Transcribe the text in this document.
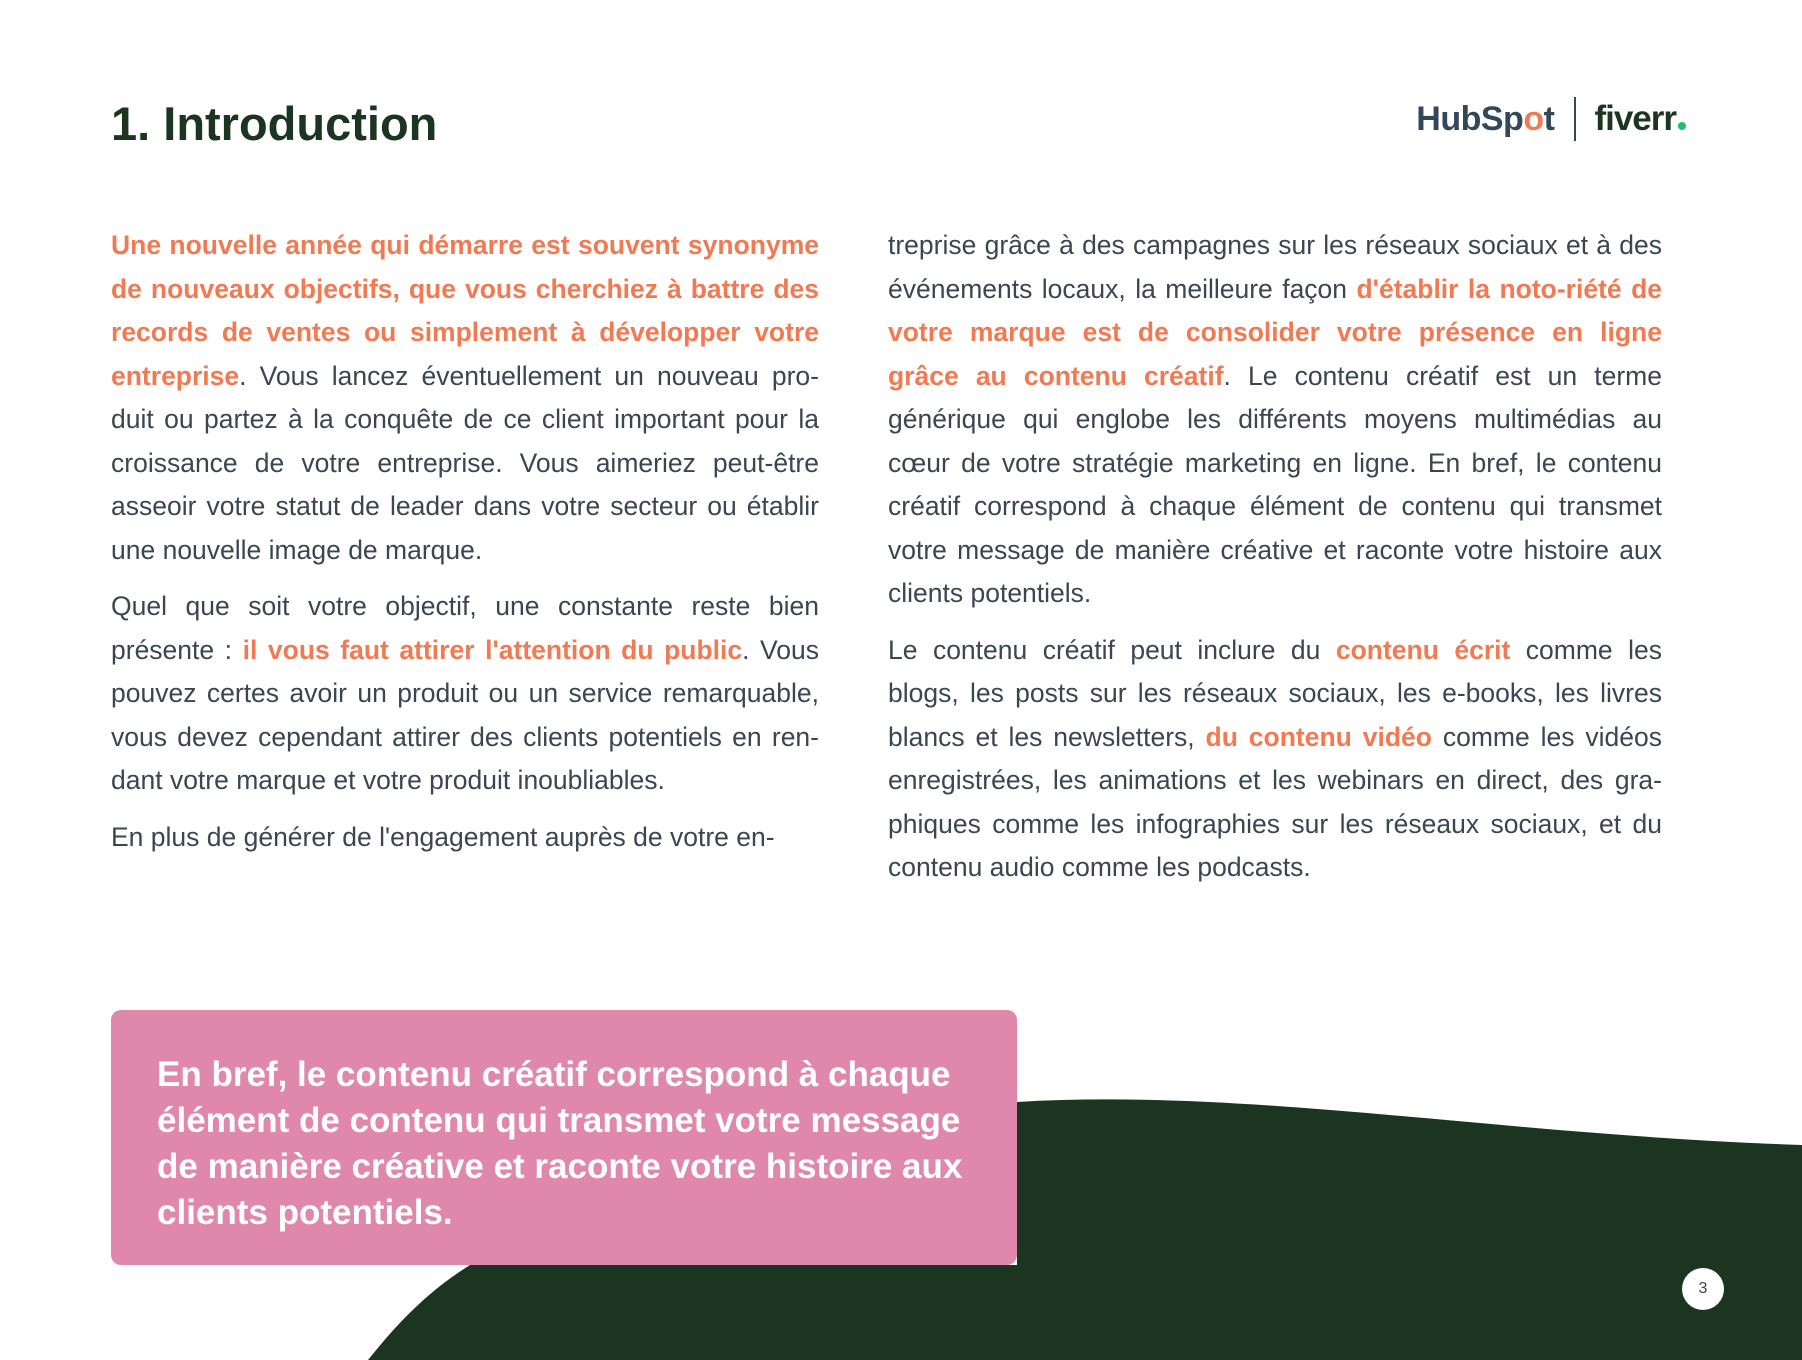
1. Introduction	HubSpot fiverr

Une nouvelle année qui démarre est souvent synonyme de nouveaux objectifs, que vous cherchiez à battre des records de ventes ou simplement à développer votre entreprise. Vous lancez éventuellement un nouveau pro-duit ou partez à la conquête de ce client important pour la croissance de votre entreprise. Vous aimeriez peut-être asseoir votre statut de leader dans votre secteur ou établir une nouvelle image de marque.

Quel que soit votre objectif, une constante reste bien présente : il vous faut attirer l'attention du public. Vous pouvez certes avoir un produit ou un service remarquable, vous devez cependant attirer des clients potentiels en ren-dant votre marque et votre produit inoubliables.

En plus de générer de l'engagement auprès de votre en-

treprise grâce à des campagnes sur les réseaux sociaux et à des événements locaux, la meilleure façon d'établir la noto-riété de votre marque est de consolider votre présence en ligne grâce au contenu créatif. Le contenu créatif est un terme générique qui englobe les différents moyens multimédias au cœur de votre stratégie marketing en ligne. En bref, le contenu créatif correspond à chaque élément de contenu qui transmet votre message de manière créative et raconte votre histoire aux clients potentiels.

Le contenu créatif peut inclure du contenu écrit comme les blogs, les posts sur les réseaux sociaux, les e-books, les livres blancs et les newsletters, du contenu vidéo comme les vidéos enregistrées, les animations et les webinars en direct, des gra-phiques comme les infographies sur les réseaux sociaux, et du contenu audio comme les podcasts.

En bref, le contenu créatif correspond à chaque élément de contenu qui transmet votre message de manière créative et raconte votre histoire aux clients potentiels.

3
